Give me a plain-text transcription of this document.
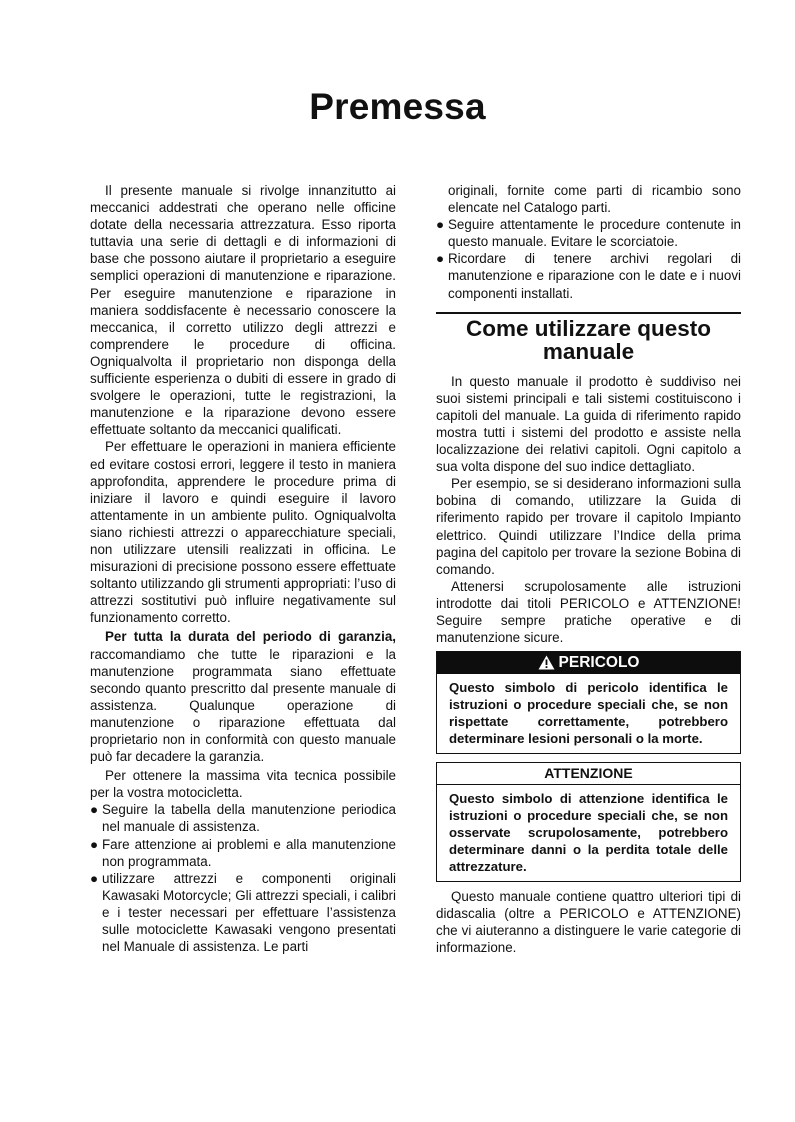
Premessa

Il presente manuale si rivolge innanzitutto ai meccanici addestrati che operano nelle officine dotate della necessaria attrezzatura. Esso riporta tuttavia una serie di dettagli e di informazioni di base che possono aiutare il proprietario a eseguire semplici operazioni di manutenzione e riparazione. Per eseguire manutenzione e riparazione in maniera soddisfacente è necessario conoscere la meccanica, il corretto utilizzo degli attrezzi e comprendere le procedure di officina. Ogniqualvolta il proprietario non disponga della sufficiente esperienza o dubiti di essere in grado di svolgere le operazioni, tutte le registrazioni, la manutenzione e la riparazione devono essere effettuate soltanto da meccanici qualificati.

Per effettuare le operazioni in maniera efficiente ed evitare costosi errori, leggere il testo in maniera approfondita, apprendere le procedure prima di iniziare il lavoro e quindi eseguire il lavoro attentamente in un ambiente pulito. Ogniqualvolta siano richiesti attrezzi o apparecchiature speciali, non utilizzare utensili realizzati in officina. Le misurazioni di precisione possono essere effettuate soltanto utilizzando gli strumenti appropriati: l’uso di attrezzi sostitutivi può influire negativamente sul funzionamento corretto.

Per tutta la durata del periodo di garanzia, raccomandiamo che tutte le riparazioni e la manutenzione programmata siano effettuate secondo quanto prescritto dal presente manuale di assistenza. Qualunque operazione di manutenzione o riparazione effettuata dal proprietario non in conformità con questo manuale può far decadere la garanzia.

Per ottenere la massima vita tecnica possibile per la vostra motocicletta.

● Seguire la tabella della manutenzione periodica nel manuale di assistenza.
● Fare attenzione ai problemi e alla manutenzione non programmata.
● utilizzare attrezzi e componenti originali Kawasaki Motorcycle; Gli attrezzi speciali, i calibri e i tester necessari per effettuare l’assistenza sulle motociclette Kawasaki vengono presentati nel Manuale di assistenza. Le parti
originali, fornite come parti di ricambio sono elencate nel Catalogo parti.
● Seguire attentamente le procedure contenute in questo manuale. Evitare le scorciatoie.
● Ricordare di tenere archivi regolari di manutenzione e riparazione con le date e i nuovi componenti installati.
Come utilizzare questo manuale

In questo manuale il prodotto è suddiviso nei suoi sistemi principali e tali sistemi costituiscono i capitoli del manuale. La guida di riferimento rapido mostra tutti i sistemi del prodotto e assiste nella localizzazione dei relativi capitoli. Ogni capitolo a sua volta dispone del suo indice dettagliato.

Per esempio, se si desiderano informazioni sulla bobina di comando, utilizzare la Guida di riferimento rapido per trovare il capitolo Impianto elettrico. Quindi utilizzare l’Indice della prima pagina del capitolo per trovare la sezione Bobina di comando.

Attenersi scrupolosamente alle istruzioni introdotte dai titoli PERICOLO e ATTENZIONE! Seguire sempre pratiche operative e di manutenzione sicure.

PERICOLO
Questo simbolo di pericolo identifica le istruzioni o procedure speciali che, se non rispettate correttamente, potrebbero determinare lesioni personali o la morte.
ATTENZIONE
Questo simbolo di attenzione identifica le istruzioni o procedure speciali che, se non osservate scrupolosamente, potrebbero determinare danni o la perdita totale delle attrezzature.

Questo manuale contiene quattro ulteriori tipi di didascalia (oltre a PERICOLO e ATTENZIONE) che vi aiuteranno a distinguere le varie categorie di informazione.
